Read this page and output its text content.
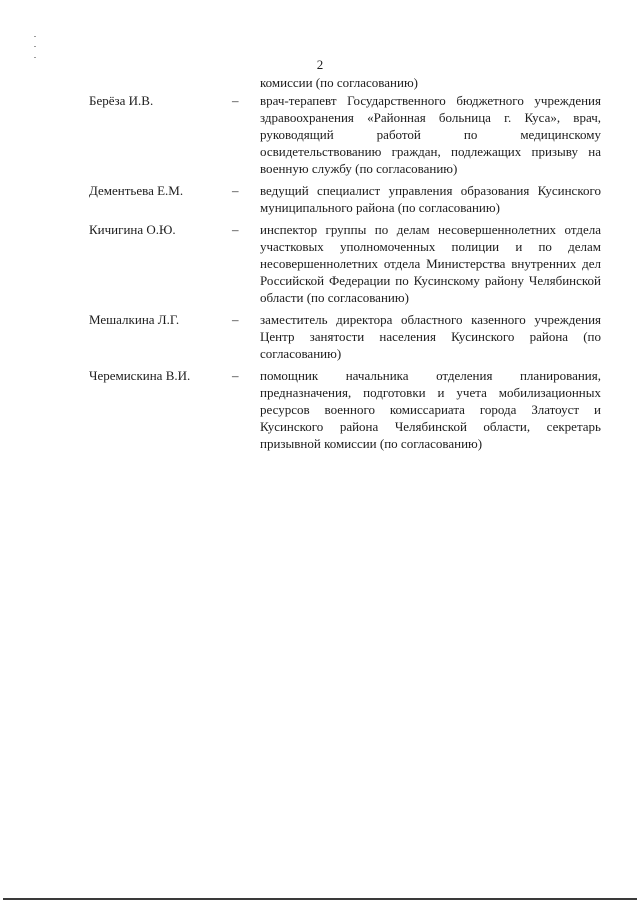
2
комиссии (по согласованию)
Берёза И.В.	–	врач-терапевт Государственного бюджетного учреждения здравоохранения «Районная больница г. Куса», врач, руководящий работой по медицинскому освидетельствованию граждан, подлежащих призыву на военную службу (по согласованию)
Дементьева Е.М.	–	ведущий специалист управления образования Кусинского муниципального района (по согласованию)
Кичигина О.Ю.	–	инспектор группы по делам несовершеннолетних отдела участковых уполномоченных полиции и по делам несовершеннолетних отдела Министерства внутренних дел Российской Федерации по Кусинскому району Челябинской области (по согласованию)
Мешалкина Л.Г.	–	заместитель директора областного казенного учреждения Центр занятости населения Кусинского района (по согласованию)
Черемискина В.И.	–	помощник начальника отделения планирования, предназначения, подготовки и учета мобилизационных ресурсов военного комиссариата города Златоуст и Кусинского района Челябинской области, секретарь призывной комиссии (по согласованию)
